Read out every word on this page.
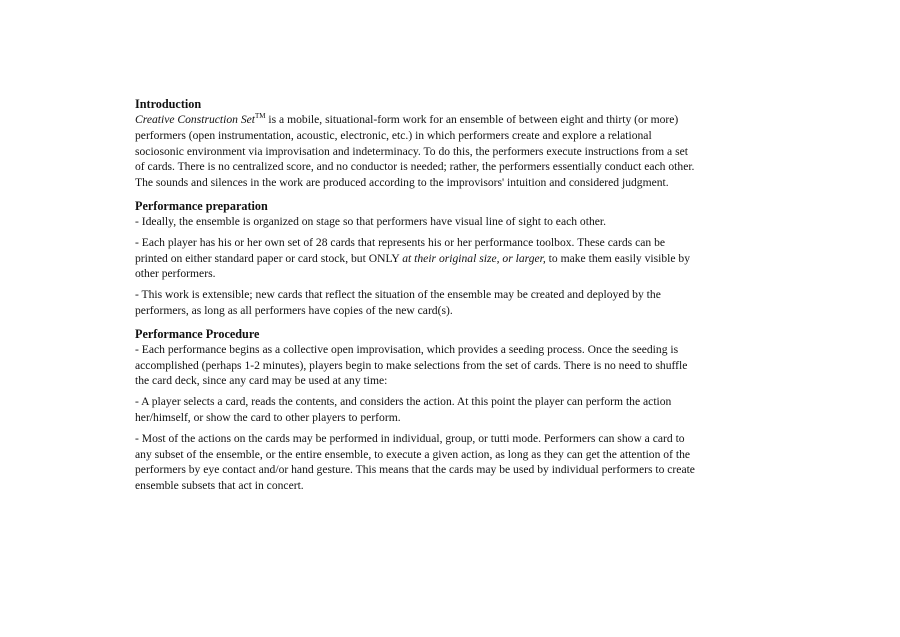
Introduction

Creative Construction Set™ is a mobile, situational-form work for an ensemble of between eight and thirty (or more) performers (open instrumentation, acoustic, electronic, etc.) in which performers create and explore a relational sociosonic environment via improvisation and indeterminacy. To do this, the performers execute instructions from a set of cards. There is no centralized score, and no conductor is needed; rather, the performers essentially conduct each other. The sounds and silences in the work are produced according to the improvisors' intuition and considered judgment.

Performance preparation

- Ideally, the ensemble is organized on stage so that performers have visual line of sight to each other.

- Each player has his or her own set of 28 cards that represents his or her performance toolbox. These cards can be printed on either standard paper or card stock, but ONLY at their original size, or larger, to make them easily visible by other performers.

- This work is extensible; new cards that reflect the situation of the ensemble may be created and deployed by the performers, as long as all performers have copies of the new card(s).

Performance Procedure

- Each performance begins as a collective open improvisation, which provides a seeding process. Once the seeding is accomplished (perhaps 1-2 minutes), players begin to make selections from the set of cards. There is no need to shuffle the card deck, since any card may be used at any time:

- A player selects a card, reads the contents, and considers the action. At this point the player can perform the action her/himself, or show the card to other players to perform.

- Most of the actions on the cards may be performed in individual, group, or tutti mode. Performers can show a card to any subset of the ensemble, or the entire ensemble, to execute a given action, as long as they can get the attention of the performers by eye contact and/or hand gesture. This means that the cards may be used by individual performers to create ensemble subsets that act in concert.
